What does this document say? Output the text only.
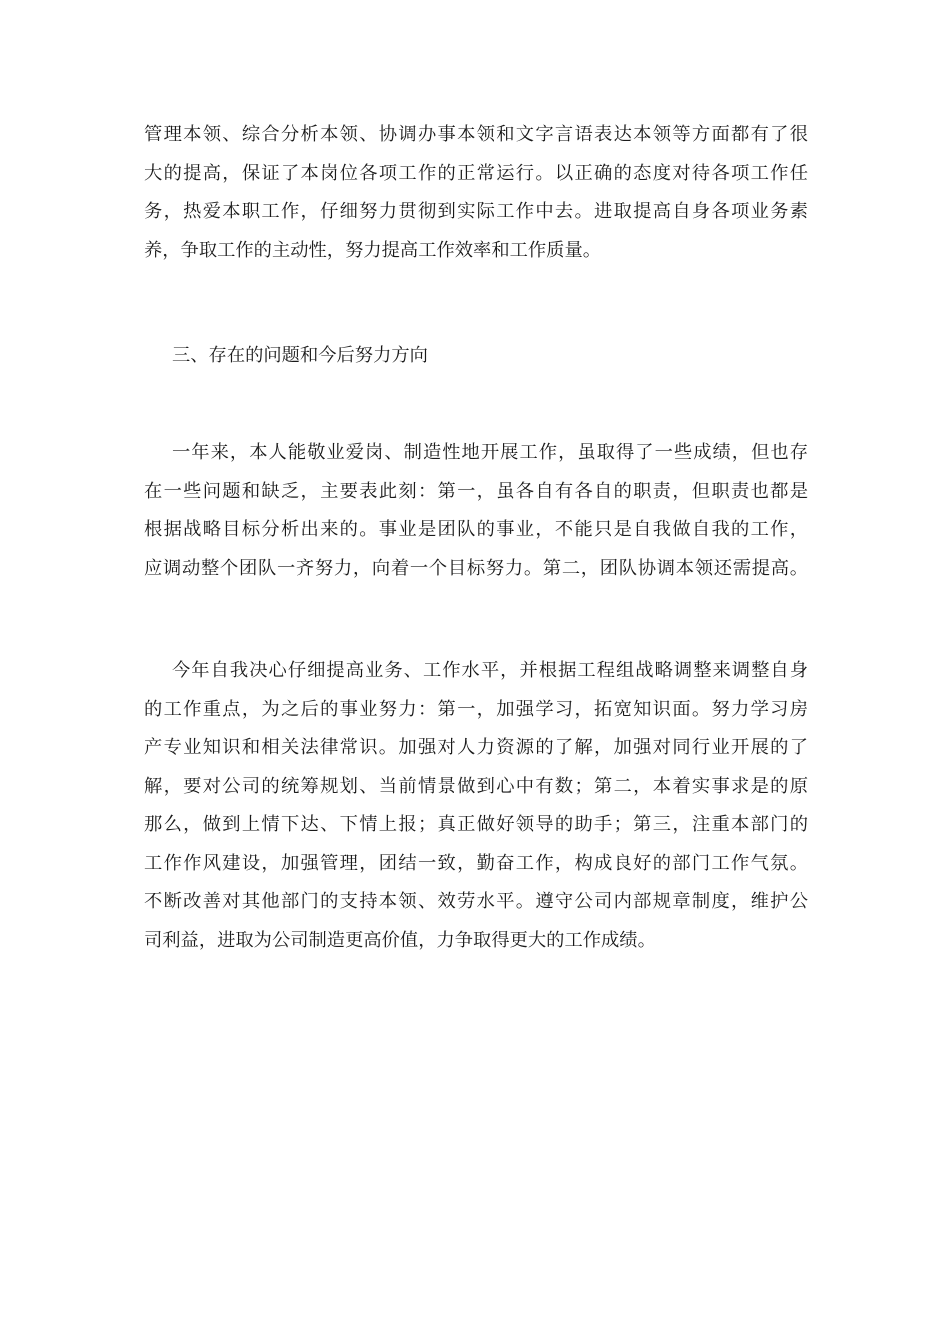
管理本领、综合分析本领、协调办事本领和文字言语表达本领等方面都有了很
大的提高，保证了本岗位各项工作的正常运行。以正确的态度对待各项工作任
务，热爱本职工作，仔细努力贯彻到实际工作中去。进取提高自身各项业务素
养，争取工作的主动性，努力提高工作效率和工作质量。
三、存在的问题和今后努力方向
一年来，本人能敬业爱岗、制造性地开展工作，虽取得了一些成绩，但也存
在一些问题和缺乏，主要表此刻：第一，虽各自有各自的职责，但职责也都是
根据战略目标分析出来的。事业是团队的事业，不能只是自我做自我的工作，
应调动整个团队一齐努力，向着一个目标努力。第二，团队协调本领还需提高。
今年自我决心仔细提高业务、工作水平，并根据工程组战略调整来调整自身
的工作重点，为之后的事业努力：第一，加强学习，拓宽知识面。努力学习房
产专业知识和相关法律常识。加强对人力资源的了解，加强对同行业开展的了
解，要对公司的统筹规划、当前情景做到心中有数；第二，本着实事求是的原
那么，做到上情下达、下情上报；真正做好领导的助手；第三，注重本部门的
工作作风建设，加强管理，团结一致，勤奋工作，构成良好的部门工作气氛。
不断改善对其他部门的支持本领、效劳水平。遵守公司内部规章制度，维护公
司利益，进取为公司制造更高价值，力争取得更大的工作成绩。
